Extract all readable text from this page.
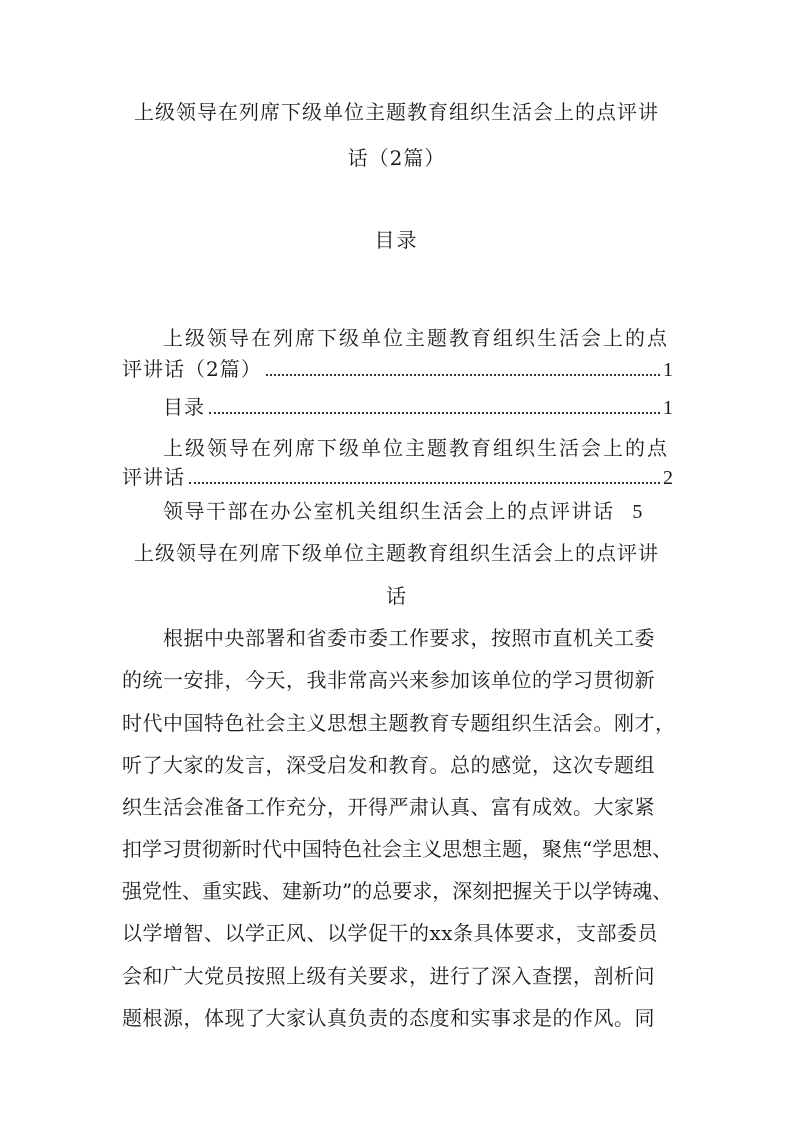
上级领导在列席下级单位主题教育组织生活会上的点评讲
话（2篇）
目录
上级领导在列席下级单位主题教育组织生活会上的点
评讲话（2篇）	1
目录	1
上级领导在列席下级单位主题教育组织生活会上的点
评讲话	2
领导干部在办公室机关组织生活会上的点评讲话 5
上级领导在列席下级单位主题教育组织生活会上的点评讲
话
根据中央部署和省委市委工作要求，按照市直机关工委
的统一安排，今天，我非常高兴来参加该单位的学习贯彻新
时代中国特色社会主义思想主题教育专题组织生活会。刚才，
听了大家的发言，深受启发和教育。总的感觉，这次专题组
织生活会准备工作充分，开得严肃认真、富有成效。大家紧
扣学习贯彻新时代中国特色社会主义思想主题，聚焦“学思想、
强党性、重实践、建新功”的总要求，深刻把握关于以学铸魂、
以学增智、以学正风、以学促干的xx条具体要求，支部委员
会和广大党员按照上级有关要求，进行了深入查摆，剖析问
题根源，体现了大家认真负责的态度和实事求是的作风。同
